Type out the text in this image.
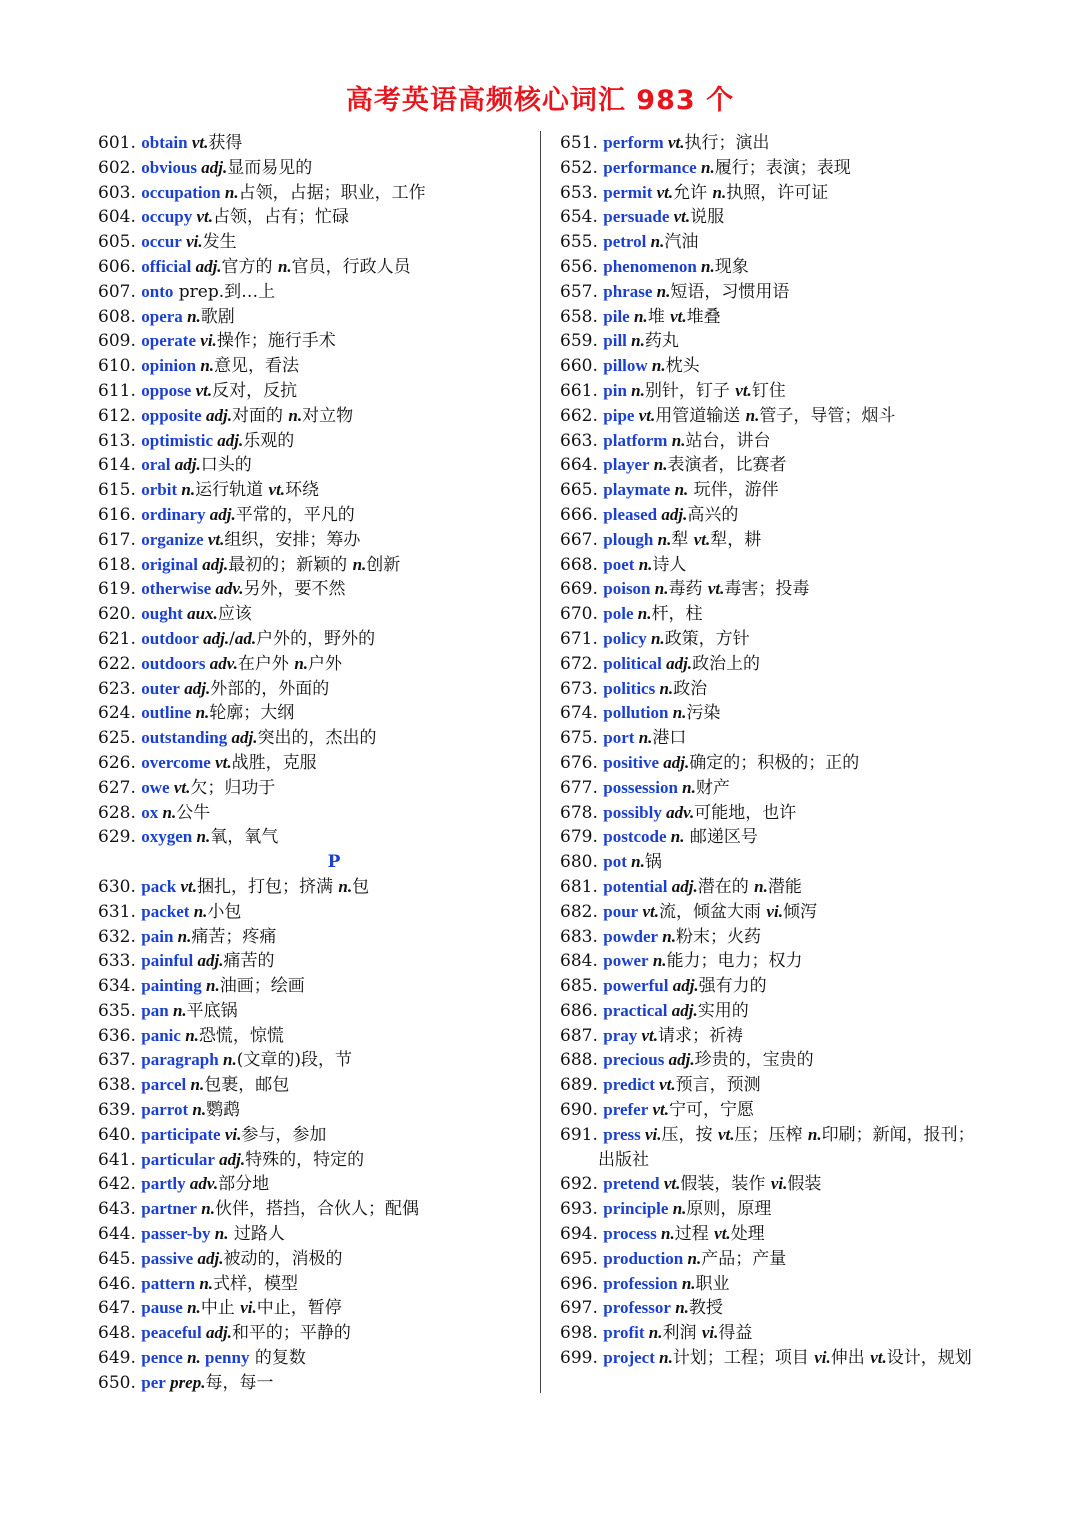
高考英语高频核心词汇 983 个
601. obtain vt.获得
602. obvious adj.显而易见的
603. occupation n.占领，占据；职业，工作
604. occupy vt.占领，占有；忙碌
605. occur vi.发生
606. official adj.官方的 n.官员，行政人员
607. onto prep.到…上
608. opera n.歌剧
609. operate vi.操作；施行手术
610. opinion n.意见，看法
611. oppose vt.反对，反抗
612. opposite adj.对面的 n.对立物
613. optimistic adj.乐观的
614. oral adj.口头的
615. orbit n.运行轨道 vt.环绕
616. ordinary adj.平常的，平凡的
617. organize vt.组织，安排；筹办
618. original adj.最初的；新颖的 n.创新
619. otherwise adv.另外，要不然
620. ought aux.应该
621. outdoor adj./ad.户外的，野外的
622. outdoors adv.在户外 n.户外
623. outer adj.外部的，外面的
624. outline n.轮廓；大纲
625. outstanding adj.突出的，杰出的
626. overcome vt.战胜，克服
627. owe vt.欠；归功于
628. ox n.公牛
629. oxygen n.氧，氧气
P
630. pack vt.捆扎，打包；挤满 n.包
631. packet n.小包
632. pain n.痛苦；疼痛
633. painful adj.痛苦的
634. painting n.油画；绘画
635. pan n.平底锅
636. panic n.恐慌，惊慌
637. paragraph n.(文章的)段，节
638. parcel n.包裹，邮包
639. parrot n.鹦鹉
640. participate vi.参与，参加
641. particular adj.特殊的，特定的
642. partly adv.部分地
643. partner n.伙伴，搭挡，合伙人；配偶
644. passer-by n. 过路人
645. passive adj.被动的，消极的
646. pattern n.式样，模型
647. pause n.中止 vi.中止，暂停
648. peaceful adj.和平的；平静的
649. pence n. penny 的复数
650. per prep.每，每一
651. perform vt.执行；演出
652. performance n.履行；表演；表现
653. permit vt.允许 n.执照，许可证
654. persuade vt.说服
655. petrol n.汽油
656. phenomenon n.现象
657. phrase n.短语，习惯用语
658. pile n.堆 vt.堆叠
659. pill n.药丸
660. pillow n.枕头
661. pin n.别针，钉子 vt.钉住
662. pipe vt.用管道输送 n.管子，导管；烟斗
663. platform n.站台，讲台
664. player n.表演者，比赛者
665. playmate n. 玩伴，游伴
666. pleased adj.高兴的
667. plough n.犁 vt.犁，耕
668. poet n.诗人
669. poison n.毒药 vt.毒害；投毒
670. pole n.杆，柱
671. policy n.政策，方针
672. political adj.政治上的
673. politics n.政治
674. pollution n.污染
675. port n.港口
676. positive adj.确定的；积极的；正的
677. possession n.财产
678. possibly adv.可能地，也许
679. postcode n. 邮递区号
680. pot n.锅
681. potential adj.潜在的 n.潜能
682. pour vt.流，倾盆大雨 vi.倾泻
683. powder n.粉末；火药
684. power n.能力；电力；权力
685. powerful adj.强有力的
686. practical adj.实用的
687. pray vt.请求；祈祷
688. precious adj.珍贵的，宝贵的
689. predict vt.预言，预测
690. prefer vt.宁可，宁愿
691. press vi.压，按 vt.压；压榨 n.印刷；新闻，报刊；出版社
692. pretend vt.假装，装作 vi.假装
693. principle n.原则，原理
694. process n.过程 vt.处理
695. production n.产品；产量
696. profession n.职业
697. professor n.教授
698. profit n.利润 vi.得益
699. project n.计划；工程；项目 vi.伸出 vt.设计，规划
